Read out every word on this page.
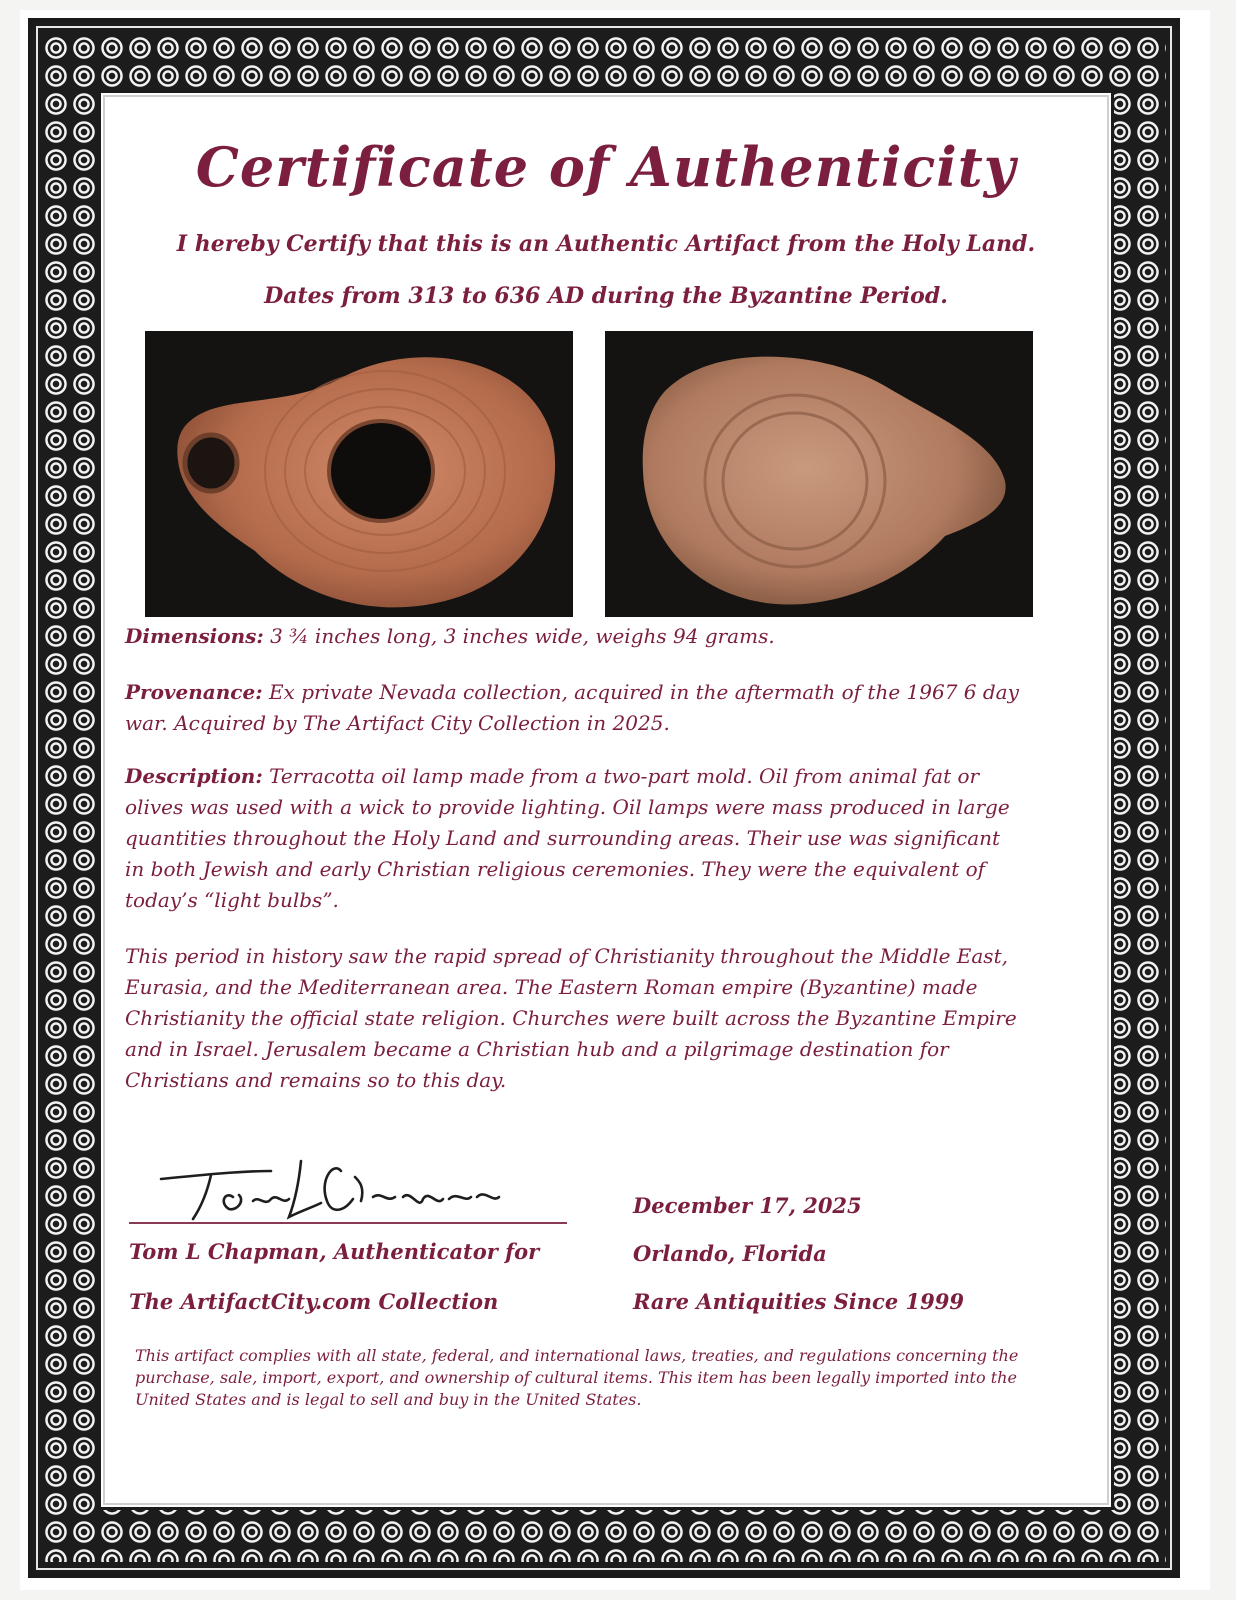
Certificate of Authenticity
I hereby Certify that this is an Authentic Artifact from the Holy Land.
Dates from 313 to 636 AD during the Byzantine Period.

Dimensions: 3 ¾ inches long, 3 inches wide, weighs 94 grams.

Provenance: Ex private Nevada collection, acquired in the aftermath of the 1967 6 day war. Acquired by The Artifact City Collection in 2025.

Description: Terracotta oil lamp made from a two-part mold. Oil from animal fat or olives was used with a wick to provide lighting. Oil lamps were mass produced in large quantities throughout the Holy Land and surrounding areas. Their use was significant in both Jewish and early Christian religious ceremonies. They were the equivalent of today’s “light bulbs”.

This period in history saw the rapid spread of Christianity throughout the Middle East, Eurasia, and the Mediterranean area. The Eastern Roman empire (Byzantine) made Christianity the official state religion. Churches were built across the Byzantine Empire and in Israel. Jerusalem became a Christian hub and a pilgrimage destination for Christians and remains so to this day.

Tom L Chapman, Authenticator for
The ArtifactCity.com Collection
December 17, 2025
Orlando, Florida
Rare Antiquities Since 1999

This artifact complies with all state, federal, and international laws, treaties, and regulations concerning the purchase, sale, import, export, and ownership of cultural items. This item has been legally imported into the United States and is legal to sell and buy in the United States.
